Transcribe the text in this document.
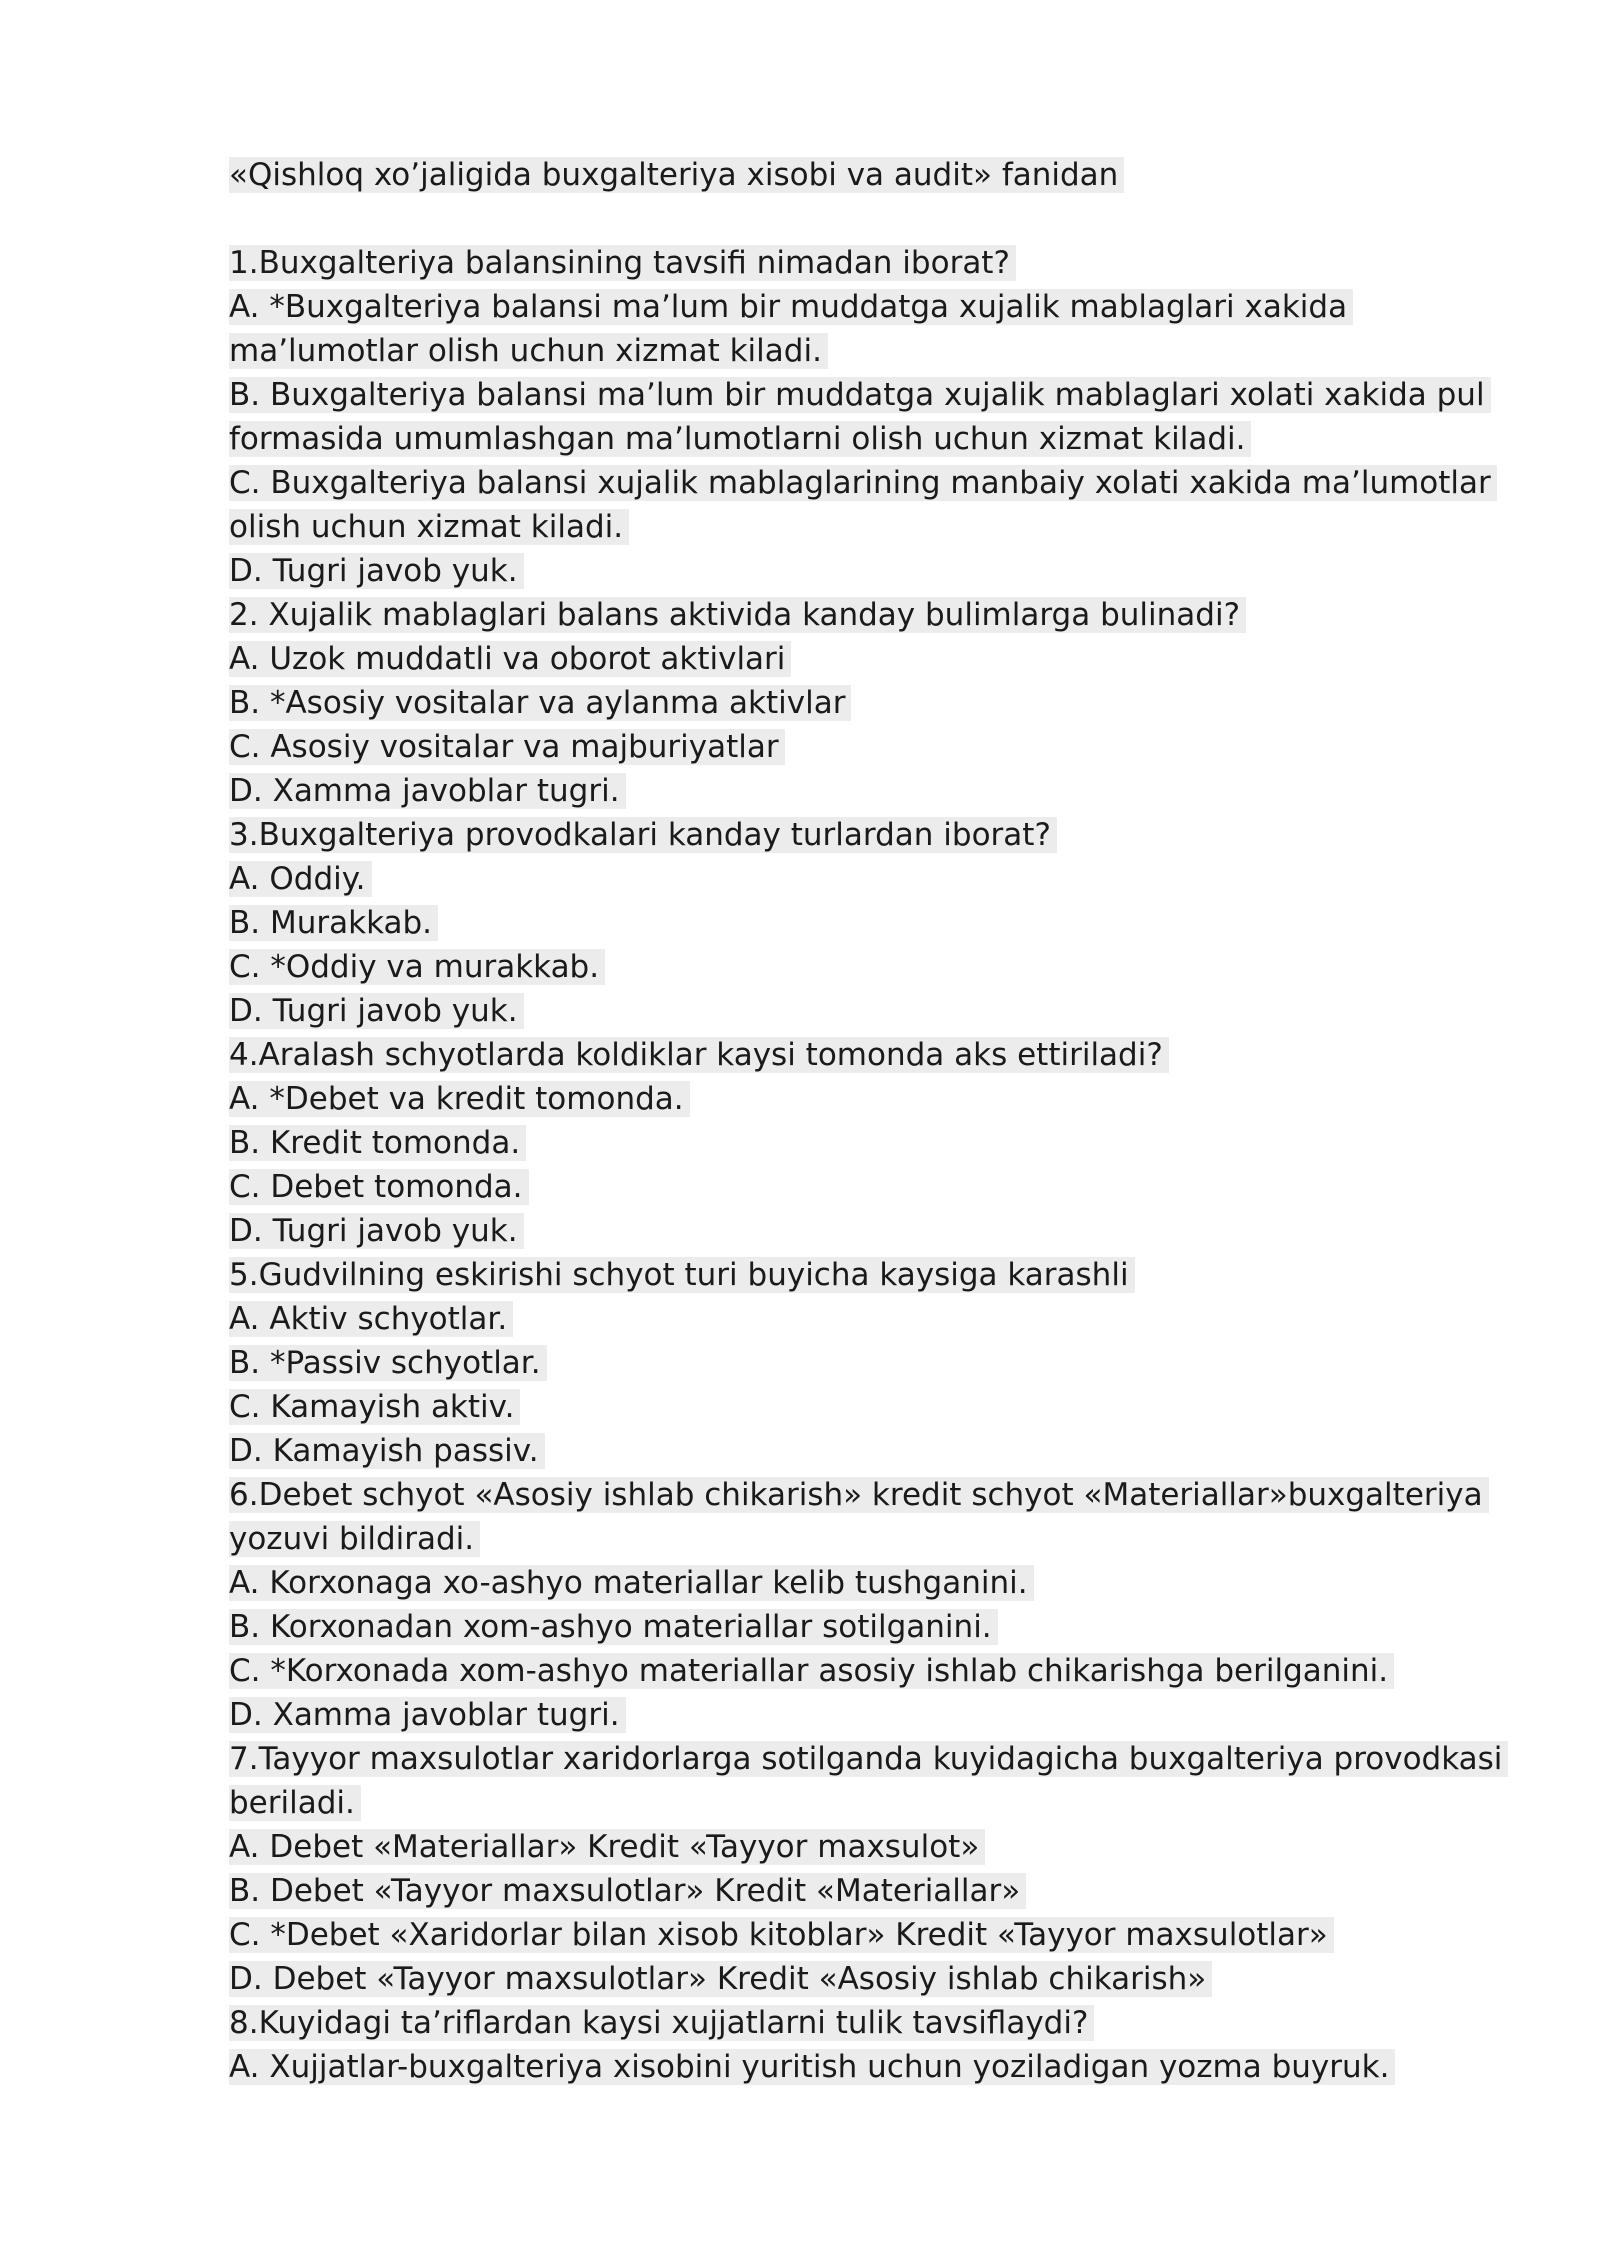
«Qishloq xo’jaligida buxgalteriya xisobi va audit» fanidan
1.Buxgalteriya balansining tavsifi nimadan iborat?
A. *Buxgalteriya balansi ma’lum bir muddatga xujalik mablaglari xakida
ma’lumotlar olish uchun xizmat kiladi.
B. Buxgalteriya balansi ma’lum bir muddatga xujalik mablaglari xolati xakida pul
formasida umumlashgan ma’lumotlarni olish uchun xizmat kiladi.
C. Buxgalteriya balansi xujalik mablaglarining manbaiy xolati xakida ma’lumotlar
olish uchun xizmat kiladi.
D. Tugri javob yuk.
2. Xujalik mablaglari balans aktivida kanday bulimlarga bulinadi?
A. Uzok muddatli va oborot aktivlari
B. *Asosiy vositalar va aylanma aktivlar
C. Asosiy vositalar va majburiyatlar
D. Xamma javoblar tugri.
3.Buxgalteriya provodkalari kanday turlardan iborat?
A. Oddiy.
B. Murakkab.
C. *Oddiy va murakkab.
D. Tugri javob yuk.
4.Aralash schyotlarda koldiklar kaysi tomonda aks ettiriladi?
A. *Debet va kredit tomonda.
B. Kredit tomonda.
C. Debet tomonda.
D. Tugri javob yuk.
5.Gudvilning eskirishi schyot turi buyicha kaysiga karashli
A. Aktiv schyotlar.
B. *Passiv schyotlar.
C. Kamayish aktiv.
D. Kamayish passiv.
6.Debet schyot «Asosiy ishlab chikarish» kredit schyot «Materiallar»buxgalteriya
yozuvi bildiradi.
A. Korxonaga xo-ashyo materiallar kelib tushganini.
B. Korxonadan xom-ashyo materiallar sotilganini.
C. *Korxonada xom-ashyo materiallar asosiy ishlab chikarishga berilganini.
D. Xamma javoblar tugri.
7.Tayyor maxsulotlar xaridorlarga sotilganda kuyidagicha buxgalteriya provodkasi
beriladi.
A. Debet «Materiallar» Kredit «Tayyor maxsulot»
B. Debet «Tayyor maxsulotlar» Kredit «Materiallar»
C. *Debet «Xaridorlar bilan xisob kitoblar» Kredit «Tayyor maxsulotlar»
D. Debet «Tayyor maxsulotlar» Kredit «Asosiy ishlab chikarish»
8.Kuyidagi ta’riflardan kaysi xujjatlarni tulik tavsiflaydi?
A. Xujjatlar-buxgalteriya xisobini yuritish uchun yoziladigan yozma buyruk.
